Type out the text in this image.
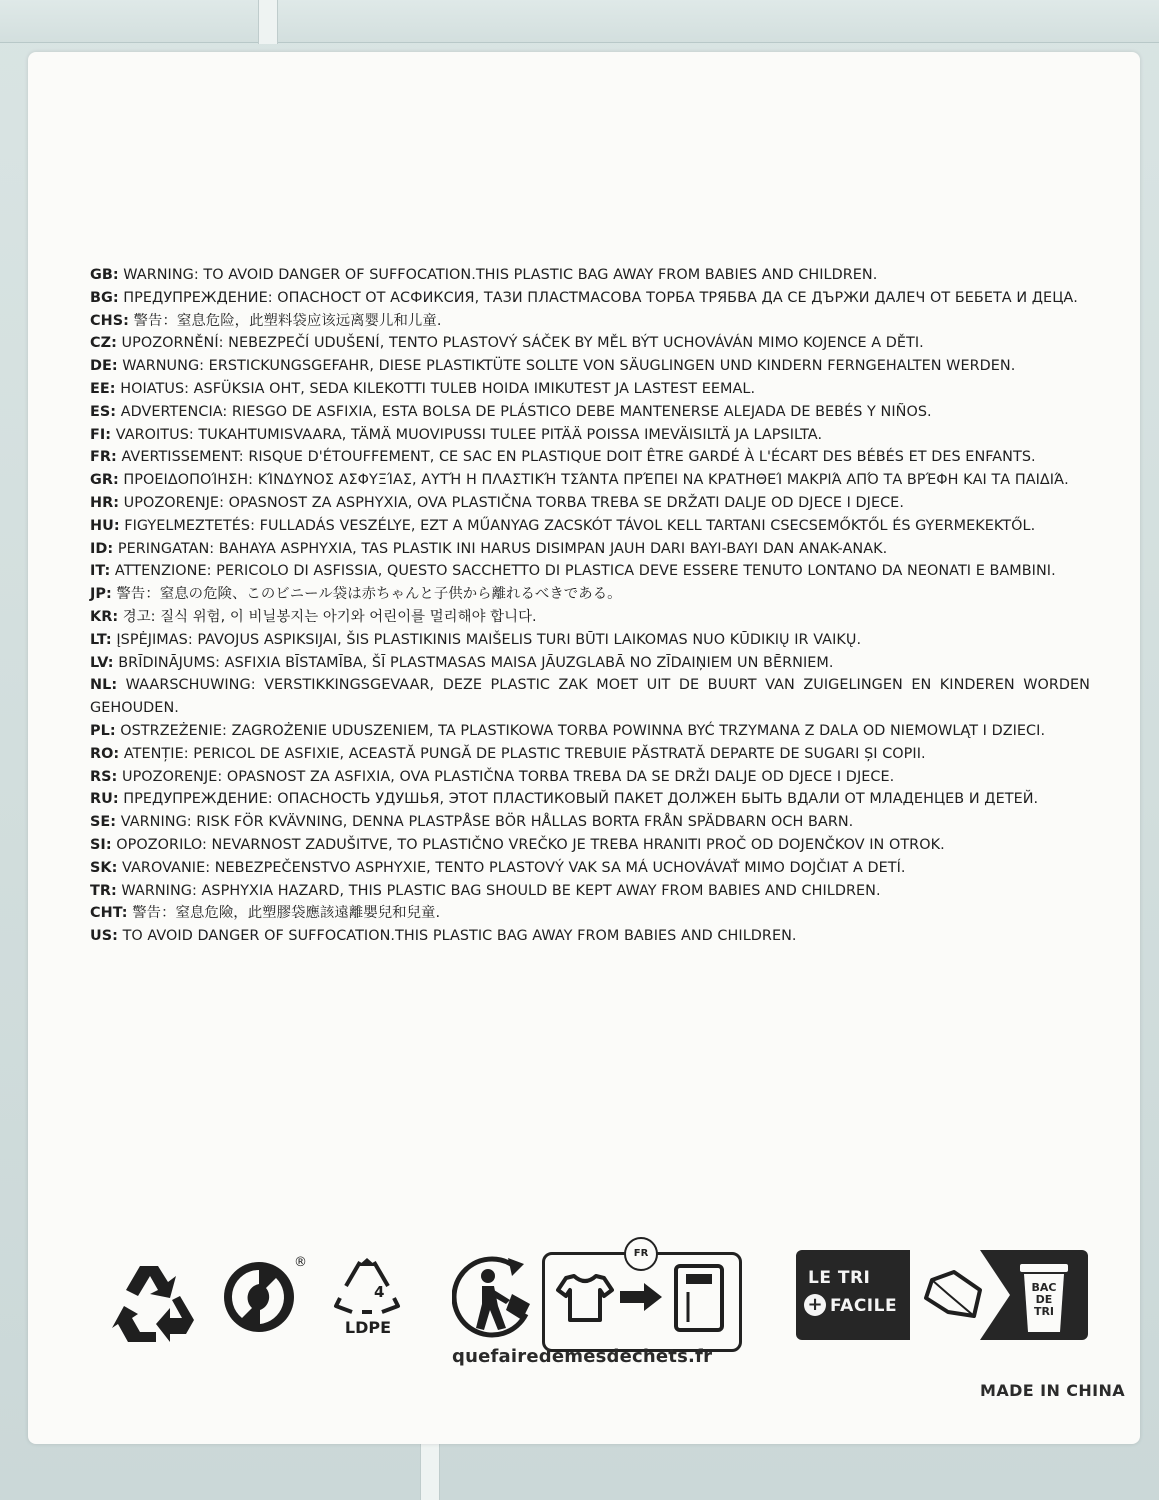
GB: WARNING: TO AVOID DANGER OF SUFFOCATION.THIS PLASTIC BAG AWAY FROM BABIES AND CHILDREN.
BG: ПРЕДУПРЕЖДЕНИЕ: ОПАСНОСТ ОТ АСФИКСИЯ, ТАЗИ ПЛАСТМАСОВА ТОРБА ТРЯБВА ДА СЕ ДЪРЖИ ДАЛЕЧ ОТ БЕБЕТА И ДЕЦА.
CHS: 警告：窒息危险，此塑料袋应该远离婴儿和儿童.
CZ: UPOZORNĚNÍ: NEBEZPEČÍ UDUŠENÍ, TENTO PLASTOVÝ SÁČEK BY MĚL BÝT UCHOVÁVÁN MIMO KOJENCE A DĚTI.
DE: WARNUNG: ERSTICKUNGSGEFAHR, DIESE PLASTIKTÜTE SOLLTE VON SÄUGLINGEN UND KINDERN FERNGEHALTEN WERDEN.
EE: HOIATUS: ASFÜKSIA OHT, SEDA KILEKOTTI TULEB HOIDA IMIKUTEST JA LASTEST EEMAL.
ES: ADVERTENCIA: RIESGO DE ASFIXIA, ESTA BOLSA DE PLÁSTICO DEBE MANTENERSE ALEJADA DE BEBÉS Y NIÑOS.
FI: VAROITUS: TUKAHTUMISVAARA, TÄMÄ MUOVIPUSSI TULEE PITÄÄ POISSA IMEVÄISILTÄ JA LAPSILTA.
FR: AVERTISSEMENT: RISQUE D'ÉTOUFFEMENT, CE SAC EN PLASTIQUE DOIT ÊTRE GARDÉ À L'ÉCART DES BÉBÉS ET DES ENFANTS.
GR: ΠΡΟΕΙΔΟΠΟΊΗΣΗ: ΚΊΝΔΥΝΟΣ ΑΣΦΥΞΊΑΣ, ΑΥΤΉ Η ΠΛΑΣΤΙΚΉ ΤΣΆΝΤΑ ΠΡΈΠΕΙ ΝΑ ΚΡΑΤΗΘΕΊ ΜΑΚΡΙΆ ΑΠΌ ΤΑ ΒΡΈΦΗ ΚΑΙ ΤΑ ΠΑΙΔΙΆ.
HR: UPOZORENJE: OPASNOST ZA ASPHYXIA, OVA PLASTIČNA TORBA TREBA SE DRŽATI DALJE OD DJECE I DJECE.
HU: FIGYELMEZTETÉS: FULLADÁS VESZÉLYE, EZT A MŰANYAG ZACSKÓT TÁVOL KELL TARTANI CSECSEMŐKTŐL ÉS GYERMEKEKTŐL.
ID: PERINGATAN: BAHAYA ASPHYXIA, TAS PLASTIK INI HARUS DISIMPAN JAUH DARI BAYI-BAYI DAN ANAK-ANAK.
IT: ATTENZIONE: PERICOLO DI ASFISSIA, QUESTO SACCHETTO DI PLASTICA DEVE ESSERE TENUTO LONTANO DA NEONATI E BAMBINI.
JP: 警告：窒息の危険、このビニール袋は赤ちゃんと子供から離れるべきである。
KR: 경고: 질식 위험, 이 비닐봉지는 아기와 어린이를 멀리해야 합니다.
LT: ĮSPĖJIMAS: PAVOJUS ASPIKSIJAI, ŠIS PLASTIKINIS MAIŠELIS TURI BŪTI LAIKOMAS NUO KŪDIKIŲ IR VAIKŲ.
LV: BRĪDINĀJUMS: ASFIXIA BĪSTAMĪBA, ŠĪ PLASTMASAS MAISA JĀUZGLABĀ NO ZĪDAIŅIEM UN BĒRNIEM.
NL: WAARSCHUWING: VERSTIKKINGSGEVAAR, DEZE PLASTIC ZAK MOET UIT DE BUURT VAN ZUIGELINGEN EN KINDEREN WORDEN GEHOUDEN.
PL: OSTRZEŻENIE: ZAGROŻENIE UDUSZENIEM, TA PLASTIKOWA TORBA POWINNA BYĆ TRZYMANA Z DALA OD NIEMOWLĄT I DZIECI.
RO: ATENȚIE: PERICOL DE ASFIXIE, ACEASTĂ PUNGĂ DE PLASTIC TREBUIE PĂSTRATĂ DEPARTE DE SUGARI ȘI COPII.
RS: UPOZORENJE: OPASNOST ZA ASFIXIA, OVA PLASTIČNA TORBA TREBA DA SE DRŽI DALJE OD DJECE I DJECE.
RU: ПРЕДУПРЕЖДЕНИЕ: ОПАСНОСТЬ УДУШЬЯ, ЭТОТ ПЛАСТИКОВЫЙ ПАКЕТ ДОЛЖЕН БЫТЬ ВДАЛИ ОТ МЛАДЕНЦЕВ И ДЕТЕЙ.
SE: VARNING: RISK FÖR KVÄVNING, DENNA PLASTPÅSE BÖR HÅLLAS BORTA FRÅN SPÄDBARN OCH BARN.
SI: OPOZORILO: NEVARNOST ZADUŠITVE, TO PLASTIČNO VREČKO JE TREBA HRANITI PROČ OD DOJENČKOV IN OTROK.
SK: VAROVANIE: NEBEZPEČENSTVO ASPHYXIE, TENTO PLASTOVÝ VAK SA MÁ UCHOVÁVAŤ MIMO DOJČIAT A DETÍ.
TR: WARNING: ASPHYXIA HAZARD, THIS PLASTIC BAG SHOULD BE KEPT AWAY FROM BABIES AND CHILDREN.
CHT: 警告：窒息危險，此塑膠袋應該遠離嬰兒和兒童.
US: TO AVOID DANGER OF SUFFOCATION.THIS PLASTIC BAG AWAY FROM BABIES AND CHILDREN.
®
4
LDPE
FR
quefairedemesdechets.fr
LE TRI
+ FACILE
BAC
DE
TRI
MADE IN CHINA
